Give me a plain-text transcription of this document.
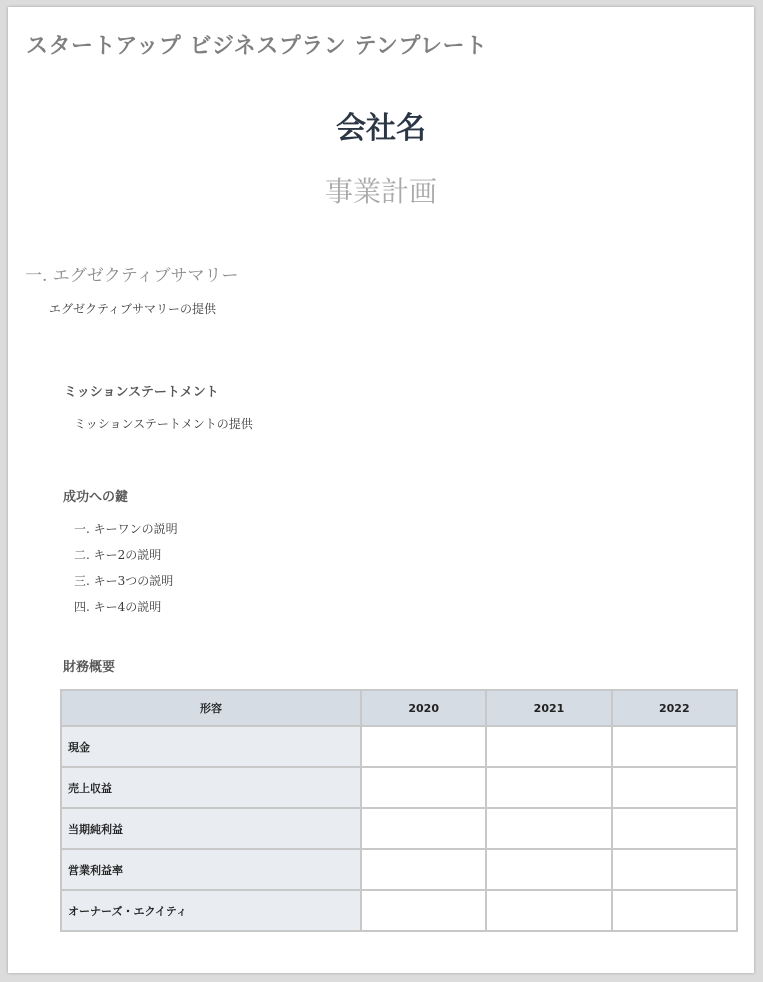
スタートアップ ビジネスプラン テンプレート
会社名
事業計画
一. エグゼクティブサマリー
エグゼクティブサマリーの提供
ミッションステートメント
ミッションステートメントの提供
成功への鍵
一. キーワンの説明
二. キー2の説明
三. キー3つの説明
四. キー4の説明
財務概要
形容	2020	2021	2022
現金			
売上収益			
当期純利益			
営業利益率			
オーナーズ・エクイティ			
